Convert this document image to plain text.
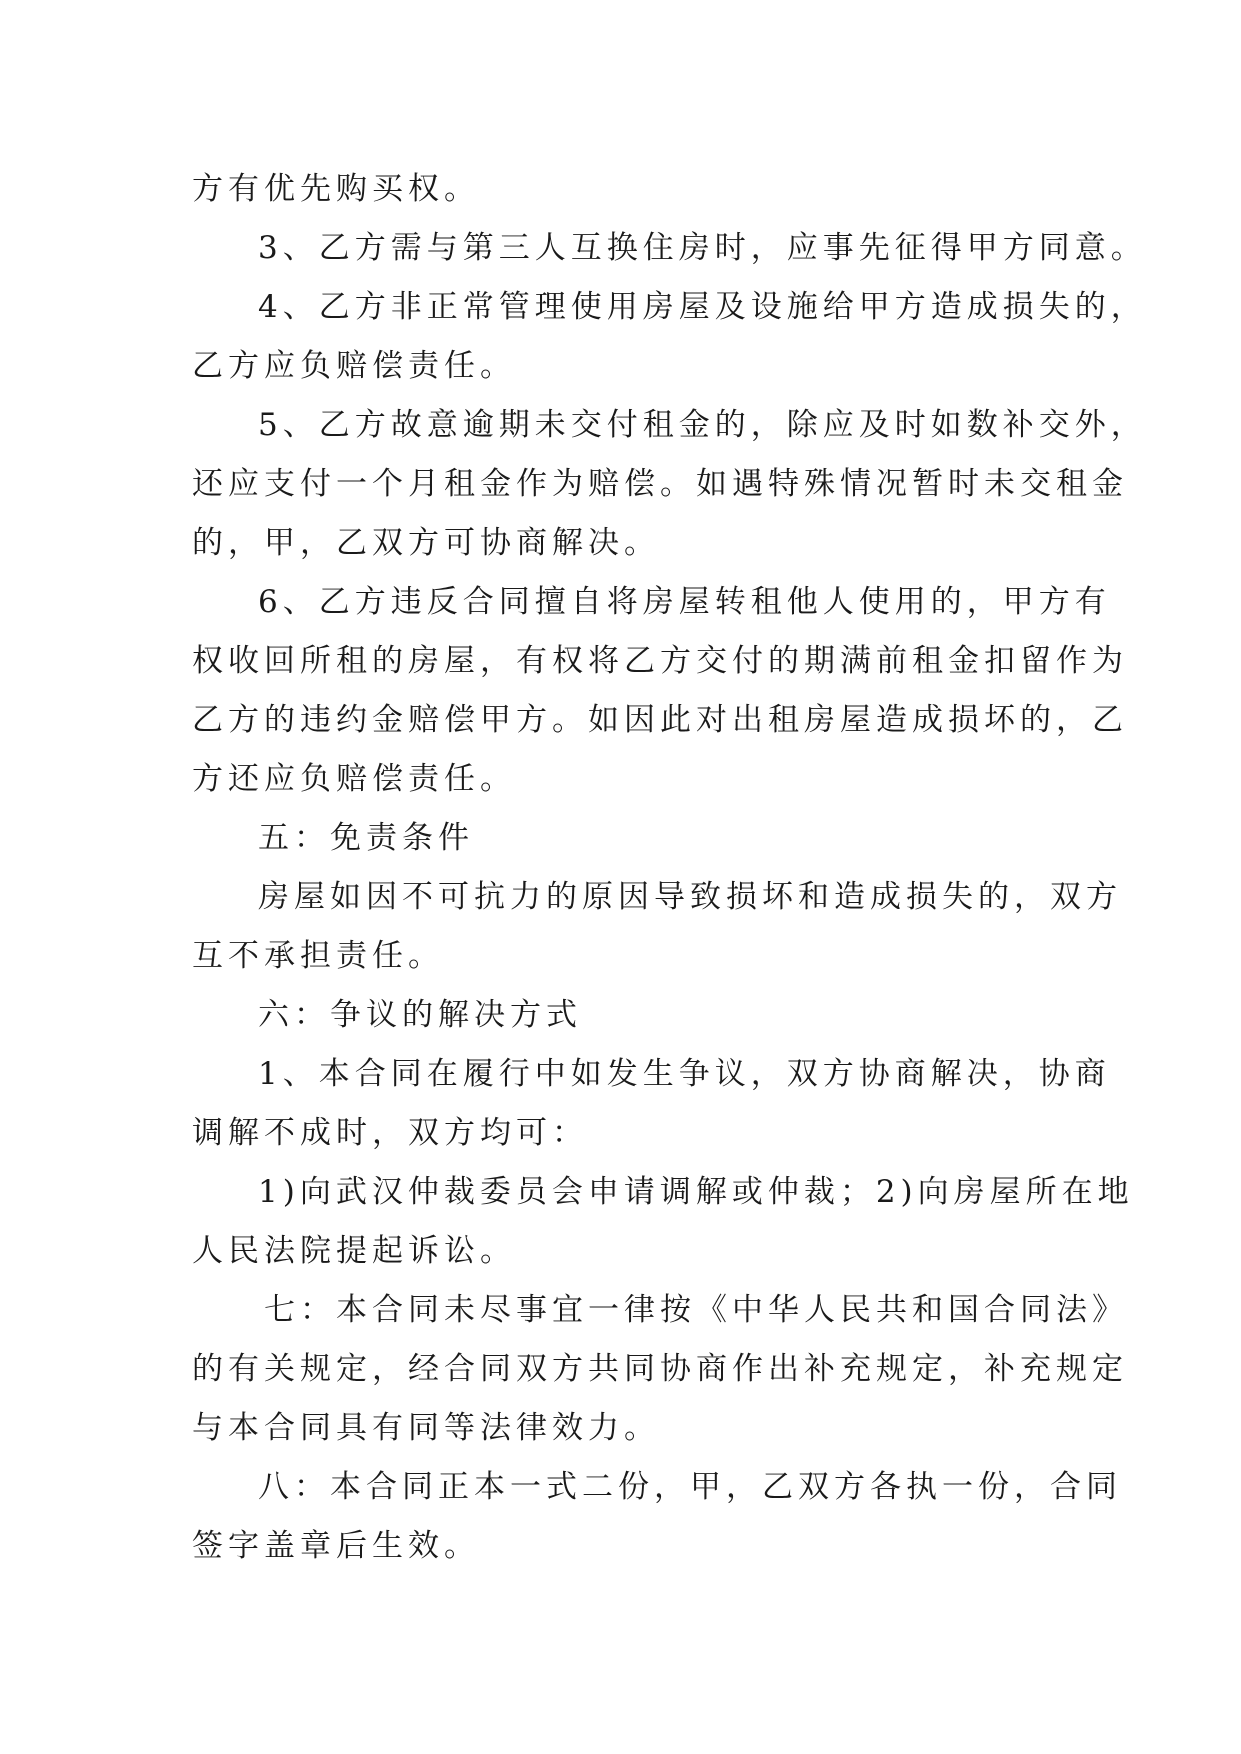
方有优先购买权。

3、乙方需与第三人互换住房时，应事先征得甲方同意。

4、乙方非正常管理使用房屋及设施给甲方造成损失的，

乙方应负赔偿责任。

5、乙方故意逾期未交付租金的，除应及时如数补交外，

还应支付一个月租金作为赔偿。如遇特殊情况暂时未交租金

的，甲，乙双方可协商解决。

6、乙方违反合同擅自将房屋转租他人使用的，甲方有

权收回所租的房屋，有权将乙方交付的期满前租金扣留作为

乙方的违约金赔偿甲方。如因此对出租房屋造成损坏的，乙

方还应负赔偿责任。

五：免责条件

房屋如因不可抗力的原因导致损坏和造成损失的，双方

互不承担责任。

六：争议的解决方式

1、本合同在履行中如发生争议，双方协商解决，协商

调解不成时，双方均可：

1)向武汉仲裁委员会申请调解或仲裁；2)向房屋所在地

人民法院提起诉讼。

七：本合同未尽事宜一律按《中华人民共和国合同法》

的有关规定，经合同双方共同协商作出补充规定，补充规定

与本合同具有同等法律效力。

八：本合同正本一式二份，甲，乙双方各执一份，合同

签字盖章后生效。
